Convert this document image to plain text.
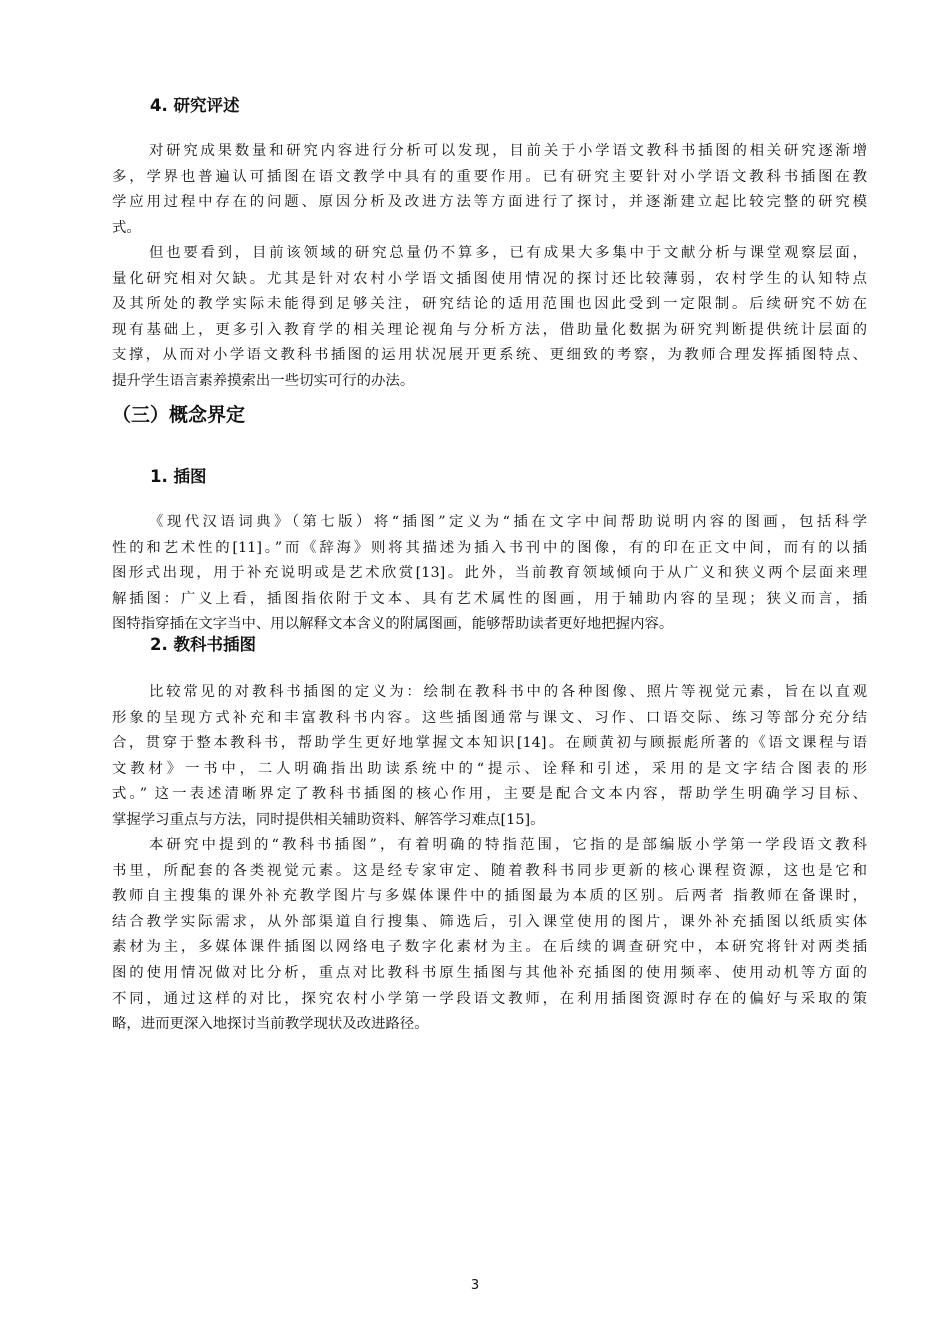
4. 研究评述
对研究成果数量和研究内容进行分析可以发现，目前关于小学语文教科书插图的相关研究逐渐增
多，学界也普遍认可插图在语文教学中具有的重要作用。已有研究主要针对小学语文教科书插图在教
学应用过程中存在的问题、原因分析及改进方法等方面进行了探讨，并逐渐建立起比较完整的研究模
式。
但也要看到，目前该领域的研究总量仍不算多，已有成果大多集中于文献分析与课堂观察层面，
量化研究相对欠缺。尤其是针对农村小学语文插图使用情况的探讨还比较薄弱，农村学生的认知特点
及其所处的教学实际未能得到足够关注，研究结论的适用范围也因此受到一定限制。后续研究不妨在
现有基础上，更多引入教育学的相关理论视角与分析方法，借助量化数据为研究判断提供统计层面的
支撑，从而对小学语文教科书插图的运用状况展开更系统、更细致的考察，为教师合理发挥插图特点、
提升学生语言素养摸索出一些切实可行的办法。
（三）概念界定
1. 插图
《现代汉语词典》（第七版）将“插图”定义为“插在文字中间帮助说明内容的图画，包括科学
性的和艺术性的[11]。”而《辞海》则将其描述为插入书刊中的图像，有的印在正文中间，而有的以插
图形式出现，用于补充说明或是艺术欣赏[13]。此外，当前教育领域倾向于从广义和狭义两个层面来理
解插图：广义上看，插图指依附于文本、具有艺术属性的图画，用于辅助内容的呈现；狭义而言，插
图特指穿插在文字当中、用以解释文本含义的附属图画，能够帮助读者更好地把握内容。
2. 教科书插图
比较常见的对教科书插图的定义为：绘制在教科书中的各种图像、照片等视觉元素，旨在以直观
形象的呈现方式补充和丰富教科书内容。这些插图通常与课文、习作、口语交际、练习等部分充分结
合，贯穿于整本教科书，帮助学生更好地掌握文本知识[14]。在顾黄初与顾振彪所著的《语文课程与语
文教材》一书中，二人明确指出助读系统中的“提示、诠释和引述，采用的是文字结合图表的形
式。” 这一表述清晰界定了教科书插图的核心作用，主要是配合文本内容，帮助学生明确学习目标、
掌握学习重点与方法，同时提供相关辅助资料、解答学习难点[15]。
本研究中提到的“教科书插图”，有着明确的特指范围，它指的是部编版小学第一学段语文教科
书里，所配套的各类视觉元素。这是经专家审定、随着教科书同步更新的核心课程资源，这也是它和
教师自主搜集的课外补充教学图片与多媒体课件中的插图最为本质的区别。后两者 指教师在备课时，
结合教学实际需求，从外部渠道自行搜集、筛选后，引入课堂使用的图片，课外补充插图以纸质实体
素材为主，多媒体课件插图以网络电子数字化素材为主。在后续的调查研究中，本研究将针对两类插
图的使用情况做对比分析，重点对比教科书原生插图与其他补充插图的使用频率、使用动机等方面的
不同，通过这样的对比，探究农村小学第一学段语文教师，在利用插图资源时存在的偏好与采取的策
略，进而更深入地探讨当前教学现状及改进路径。
3
